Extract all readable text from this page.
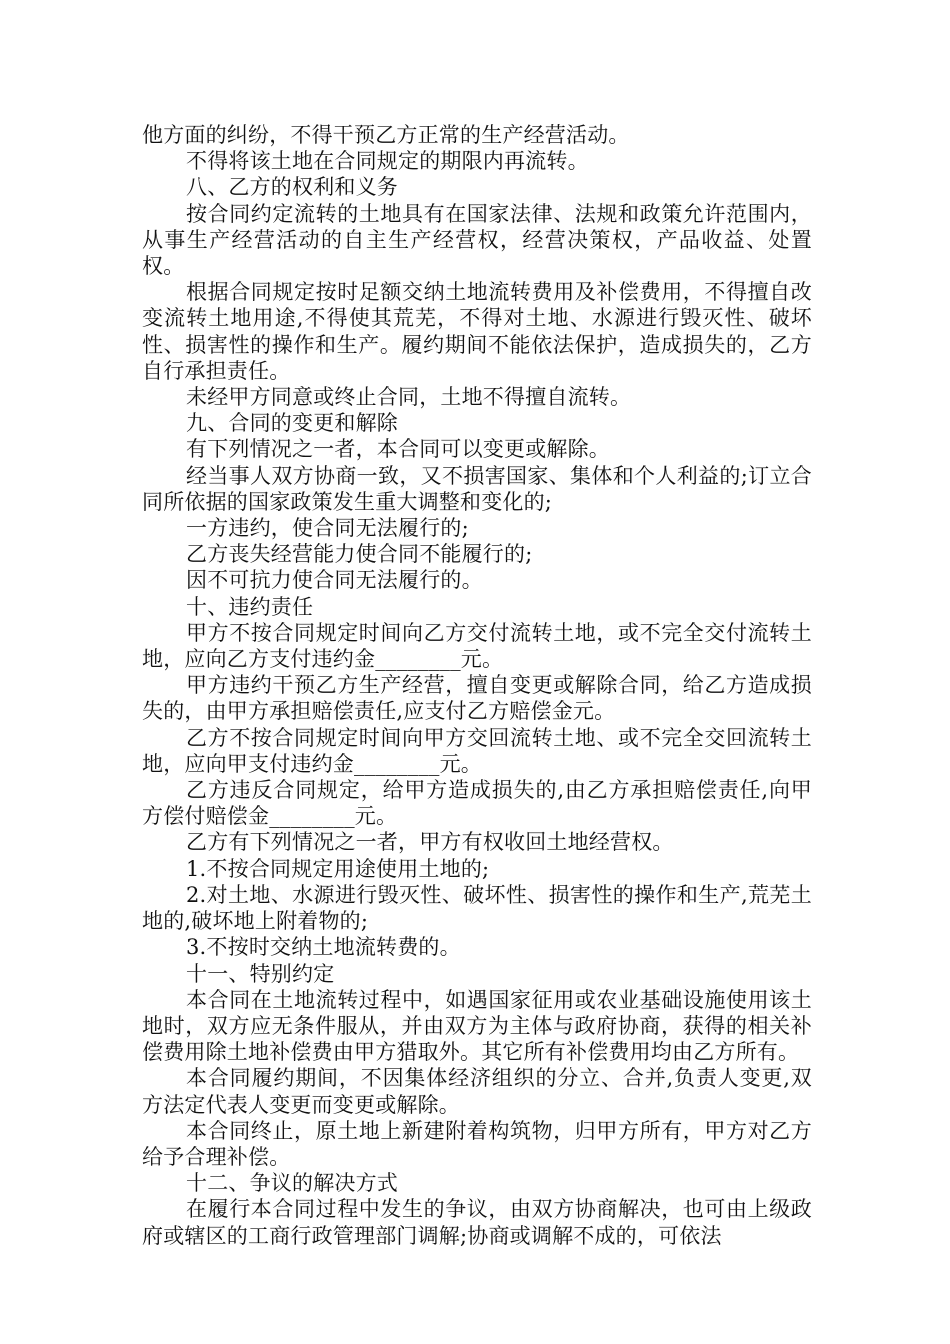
他方面的纠纷，不得干预乙方正常的生产经营活动。

不得将该土地在合同规定的期限内再流转。

八、乙方的权利和义务

按合同约定流转的土地具有在国家法律、法规和政策允许范围内，从事生产经营活动的自主生产经营权，经营决策权，产品收益、处置权。

根据合同规定按时足额交纳土地流转费用及补偿费用，不得擅自改变流转土地用途,不得使其荒芜，不得对土地、水源进行毁灭性、破坏性、损害性的操作和生产。履约期间不能依法保护，造成损失的，乙方自行承担责任。

未经甲方同意或终止合同，土地不得擅自流转。

九、合同的变更和解除

有下列情况之一者，本合同可以变更或解除。

经当事人双方协商一致，又不损害国家、集体和个人利益的;订立合同所依据的国家政策发生重大调整和变化的;

一方违约，使合同无法履行的;

乙方丧失经营能力使合同不能履行的;

因不可抗力使合同无法履行的。

十、违约责任

甲方不按合同规定时间向乙方交付流转土地，或不完全交付流转土地，应向乙方支付违约金________元。

甲方违约干预乙方生产经营，擅自变更或解除合同，给乙方造成损失的，由甲方承担赔偿责任,应支付乙方赔偿金元。

乙方不按合同规定时间向甲方交回流转土地、或不完全交回流转土地，应向甲支付违约金________元。

乙方违反合同规定，给甲方造成损失的,由乙方承担赔偿责任,向甲方偿付赔偿金________元。

乙方有下列情况之一者，甲方有权收回土地经营权。

1.不按合同规定用途使用土地的;

2.对土地、水源进行毁灭性、破坏性、损害性的操作和生产,荒芜土地的,破坏地上附着物的;

3.不按时交纳土地流转费的。

十一、特别约定

本合同在土地流转过程中，如遇国家征用或农业基础设施使用该土地时，双方应无条件服从，并由双方为主体与政府协商，获得的相关补偿费用除土地补偿费由甲方猎取外。其它所有补偿费用均由乙方所有。

本合同履约期间，不因集体经济组织的分立、合并,负责人变更,双方法定代表人变更而变更或解除。

本合同终止，原土地上新建附着构筑物，归甲方所有，甲方对乙方给予合理补偿。

十二、争议的解决方式

在履行本合同过程中发生的争议，由双方协商解决，也可由上级政府或辖区的工商行政管理部门调解;协商或调解不成的，可依法
